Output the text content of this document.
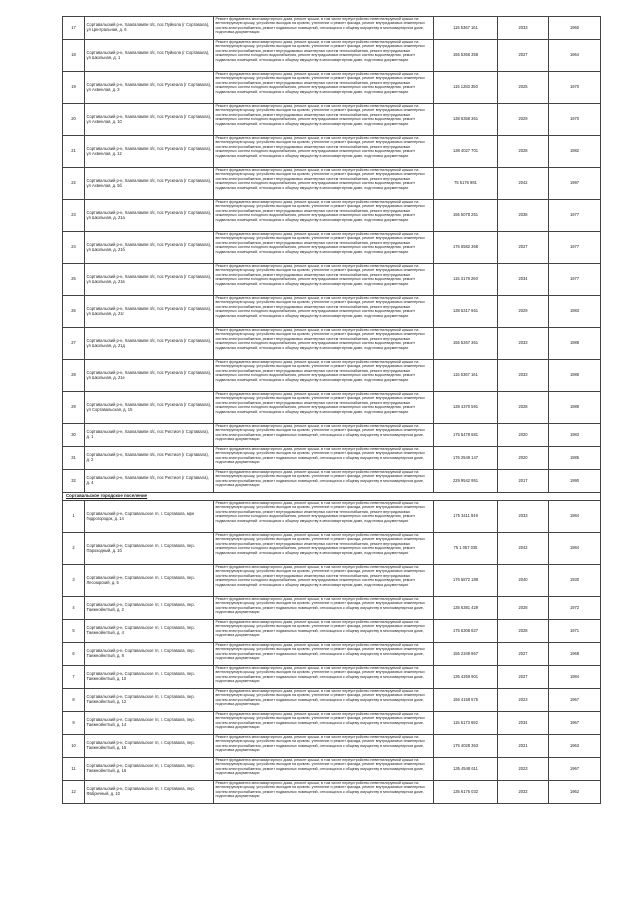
17	Сортавальский р-н, Хаапалампи п/с, пос Пуйкола (г Сортавала), ул Центральная, д. 6	Ремонт фундамента многоквартирного дома, ремонт крыши, в том числе переустройство невентилируемой крыши на вентилируемую крышу, устройство выходов на кровлю, утепление и ремонт фасада, ремонт внутридомовых инженерных систем электроснабжения, ремонт подвальных помещений, относящихся к общему имуществу в многоквартирном доме, подготовка документации	115 5367 161	2033	1960
18	Сортавальский р-н, Хаапалампи п/с, пос Пуйкола (г Сортавала), ул Школьная, д. 1	Ремонт фундамента многоквартирного дома, ремонт крыши, в том числе переустройство невентилируемой крыши на вентилируемую крышу, устройство выходов на кровлю, утепление и ремонт фасада, ремонт внутридомовых инженерных систем электроснабжения, ремонт внутридомовых инженерных систем теплоснабжения, ремонт внутридомовых инженерных систем холодного водоснабжения, ремонт внутридомовых инженерных систем водоотведения, ремонт подвальных помещений, относящихся к общему имуществу в многоквартирном доме, подготовка документации	155 5366 358	2027	1964
19	Сортавальский р-н, Хаапалампи п/с, пос Рускеала (г Сортавала), ул Ахвенлая, д. 3	Ремонт фундамента многоквартирного дома, ремонт крыши, в том числе переустройство невентилируемой крыши на вентилируемую крышу, устройство выходов на кровлю, утепление и ремонт фасада, ремонт внутридомовых инженерных систем электроснабжения, ремонт внутридомовых инженерных систем теплоснабжения, ремонт внутридомовых инженерных систем холодного водоснабжения, ремонт внутридомовых инженерных систем водоотведения, ремонт подвальных помещений, относящихся к общему имуществу в многоквартирном доме, подготовка документации	115 1283 350	2025	1970
20	Сортавальский р-н, Хаапалампи п/с, пос Рускеала (г Сортавала), ул Ахвенлая, д. 10	Ремонт фундамента многоквартирного дома, ремонт крыши, в том числе переустройство невентилируемой крыши на вентилируемую крышу, устройство выходов на кровлю, утепление и ремонт фасада, ремонт внутридомовых инженерных систем электроснабжения, ремонт внутридомовых инженерных систем теплоснабжения, ремонт внутридомовых инженерных систем холодного водоснабжения, ремонт внутридомовых инженерных систем водоотведения, ремонт подвальных помещений, относящихся к общему имуществу в многоквартирном доме, подготовка документации	138 6358 361	2029	1970
21	Сортавальский р-н, Хаапалампи п/с, пос Рускеала (г Сортавала), ул Ахвенлая, д. 12	Ремонт фундамента многоквартирного дома, ремонт крыши, в том числе переустройство невентилируемой крыши на вентилируемую крышу, устройство выходов на кровлю, утепление и ремонт фасада, ремонт внутридомовых инженерных систем электроснабжения, ремонт внутридомовых инженерных систем теплоснабжения, ремонт внутридомовых инженерных систем холодного водоснабжения, ремонт внутридомовых инженерных систем водоотведения, ремонт подвальных помещений, относящихся к общему имуществу в многоквартирном доме, подготовка документации	138 4027 701	2028	1982
22	Сортавальский р-н, Хаапалампи п/с, пос Рускеала (г Сортавала), ул Ахвенлая, д. 5б	Ремонт фундамента многоквартирного дома, ремонт крыши, в том числе переустройство невентилируемой крыши на вентилируемую крышу, устройство выходов на кровлю, утепление и ремонт фасада, ремонт внутридомовых инженерных систем электроснабжения, ремонт внутридомовых инженерных систем теплоснабжения, ремонт внутридомовых инженерных систем холодного водоснабжения, ремонт внутридомовых инженерных систем водоотведения, ремонт подвальных помещений, относящихся к общему имуществу в многоквартирном доме, подготовка документации	75 5176 981	2042	1997
23	Сортавальский р-н, Хаапалампи п/с, пос Рускеала (г Сортавала), ул Школьная, д. 21а	Ремонт фундамента многоквартирного дома, ремонт крыши, в том числе переустройство невентилируемой крыши на вентилируемую крышу, устройство выходов на кровлю, утепление и ремонт фасада, ремонт внутридомовых инженерных систем электроснабжения, ремонт внутридомовых инженерных систем теплоснабжения, ремонт внутридомовых инженерных систем холодного водоснабжения, ремонт внутридомовых инженерных систем водоотведения, ремонт подвальных помещений, относящихся к общему имуществу в многоквартирном доме, подготовка документации	155 5078 251	2038	1977
24	Сортавальский р-н, Хаапалампи п/с, пос Рускеала (г Сортавала), ул Школьная, д. 21б	Ремонт фундамента многоквартирного дома, ремонт крыши, в том числе переустройство невентилируемой крыши на вентилируемую крышу, устройство выходов на кровлю, утепление и ремонт фасада, ремонт внутридомовых инженерных систем электроснабжения, ремонт внутридомовых инженерных систем теплоснабжения, ремонт внутридомовых инженерных систем холодного водоснабжения, ремонт внутридомовых инженерных систем водоотведения, ремонт подвальных помещений, относящихся к общему имуществу в многоквартирном доме, подготовка документации	176 6582 368	2027	1977
25	Сортавальский р-н, Хаапалампи п/с, пос Рускеала (г Сортавала), ул Школьная, д. 21в	Ремонт фундамента многоквартирного дома, ремонт крыши, в том числе переустройство невентилируемой крыши на вентилируемую крышу, устройство выходов на кровлю, утепление и ремонт фасада, ремонт внутридомовых инженерных систем электроснабжения, ремонт внутридомовых инженерных систем теплоснабжения, ремонт внутридомовых инженерных систем холодного водоснабжения, ремонт внутридомовых инженерных систем водоотведения, ремонт подвальных помещений, относящихся к общему имуществу в многоквартирном доме, подготовка документации	115 3178 260	2034	1977
26	Сортавальский р-н, Хаапалампи п/с, пос Рускеала (г Сортавала), ул Школьная, д. 21г	Ремонт фундамента многоквартирного дома, ремонт крыши, в том числе переустройство невентилируемой крыши на вентилируемую крышу, устройство выходов на кровлю, утепление и ремонт фасада, ремонт внутридомовых инженерных систем электроснабжения, ремонт внутридомовых инженерных систем теплоснабжения, ремонт внутридомовых инженерных систем холодного водоснабжения, ремонт внутридомовых инженерных систем водоотведения, ремонт подвальных помещений, относящихся к общему имуществу в многоквартирном доме, подготовка документации	138 5317 661	2029	1983
27	Сортавальский р-н, Хаапалампи п/с, пос Рускеала (г Сортавала), ул Школьная, д. 21д	Ремонт фундамента многоквартирного дома, ремонт крыши, в том числе переустройство невентилируемой крыши на вентилируемую крышу, устройство выходов на кровлю, утепление и ремонт фасада, ремонт внутридомовых инженерных систем электроснабжения, ремонт внутридомовых инженерных систем теплоснабжения, ремонт внутридомовых инженерных систем холодного водоснабжения, ремонт внутридомовых инженерных систем водоотведения, ремонт подвальных помещений, относящихся к общему имуществу в многоквартирном доме, подготовка документации	155 5267 361	2033	1988
28	Сортавальский р-н, Хаапалампи п/с, пос Рускеала (г Сортавала), ул Школьная, д. 21е	Ремонт фундамента многоквартирного дома, ремонт крыши, в том числе переустройство невентилируемой крыши на вентилируемую крышу, устройство выходов на кровлю, утепление и ремонт фасада, ремонт внутридомовых инженерных систем электроснабжения, ремонт внутридомовых инженерных систем теплоснабжения, ремонт внутридомовых инженерных систем холодного водоснабжения, ремонт внутридомовых инженерных систем водоотведения, ремонт подвальных помещений, относящихся к общему имуществу в многоквартирном доме, подготовка документации	115 5367 161	2033	1986
29	Сортавальский р-н, Хаапалампи п/с, пос Рускеала (г Сортавала), ул Сортавальская, д. 15	Ремонт фундамента многоквартирного дома, ремонт крыши, в том числе переустройство невентилируемой крыши на вентилируемую крышу, устройство выходов на кровлю, утепление и ремонт фасада, ремонт внутридомовых инженерных систем электроснабжения, ремонт внутридомовых инженерных систем теплоснабжения, ремонт внутридомовых инженерных систем холодного водоснабжения, ремонт внутридомовых инженерных систем водоотведения, ремонт подвальных помещений, относящихся к общему имуществу в многоквартирном доме, подготовка документации	138 4370 591	2028	1989
30	Сортавальский р-н, Хаапалампи п/с, пос Ристиоя (г Сортавала), д. 1	Ремонт фундамента многоквартирного дома, ремонт крыши, в том числе переустройство невентилируемой крыши на вентилируемую крышу, устройство выходов на кровлю, утепление и ремонт фасада, ремонт внутридомовых инженерных систем электроснабжения, ремонт подвальных помещений, относящихся к общему имуществу в многоквартирном доме, подготовка документации	175 5478 681	2020	1983
31	Сортавальский р-н, Хаапалампи п/с, пос Ристиоя (г Сортавала), д. 2	Ремонт фундамента многоквартирного дома, ремонт крыши, в том числе переустройство невентилируемой крыши на вентилируемую крышу, устройство выходов на кровлю, утепление и ремонт фасада, ремонт внутридомовых инженерных систем электроснабжения, ремонт подвальных помещений, относящихся к общему имуществу в многоквартирном доме, подготовка документации	176 2549 147	2020	1985
32	Сортавальский р-н, Хаапалампи п/с, пос Ристиоя (г Сортавала), д. 4	Ремонт фундамента многоквартирного дома, ремонт крыши, в том числе переустройство невентилируемой крыши на вентилируемую крышу, устройство выходов на кровлю, утепление и ремонт фасада, ремонт внутридомовых инженерных систем электроснабжения, ремонт подвальных помещений, относящихся к общему имуществу в многоквартирном доме, подготовка документации	229 9542 951	2017	1990
Сортавальское городское поселение					
1	Сортавальский р-н, Сортавальское гп, г. Сортавала, мрн Гидрогородок, д. 14	Ремонт фундамента многоквартирного дома, ремонт крыши, в том числе переустройство невентилируемой крыши на вентилируемую крышу, устройство выходов на кровлю, утепление и ремонт фасада, ремонт внутридомовых инженерных систем электроснабжения, ремонт внутридомовых инженерных систем теплоснабжения, ремонт внутридомовых инженерных систем холодного водоснабжения, ремонт внутридомовых инженерных систем водоотведения, ремонт подвальных помещений, относящихся к общему имуществу в многоквартирном доме, подготовка документации	175 3411 849	2033	1984
2	Сортавальский р-н, Сортавальское гп, г. Сортавала, пер. Пароходный, д. 1б	Ремонт фундамента многоквартирного дома, ремонт крыши, в том числе переустройство невентилируемой крыши на вентилируемую крышу, устройство выходов на кровлю, утепление и ремонт фасада, ремонт внутридомовых инженерных систем электроснабжения, ремонт внутридомовых инженерных систем теплоснабжения, ремонт внутридомовых инженерных систем холодного водоснабжения, ремонт внутридомовых инженерных систем водоотведения, ремонт подвальных помещений, относящихся к общему имуществу в многоквартирном доме, подготовка документации	75 1 057 035	2042	1984
3	Сортавальский р-н, Сортавальское гп, г. Сортавала, пер. Лесоюрский, д. 5	Ремонт фундамента многоквартирного дома, ремонт крыши, в том числе переустройство невентилируемой крыши на вентилируемую крышу, устройство выходов на кровлю, утепление и ремонт фасада, ремонт внутридомовых инженерных систем электроснабжения, ремонт внутридомовых инженерных систем теплоснабжения, ремонт внутридомовых инженерных систем холодного водоснабжения, ремонт внутридомовых инженерных систем водоотведения, ремонт подвальных помещений, относящихся к общему имуществу в многоквартирном доме, подготовка документации	176 5872 188	2040	1930
4	Сортавальский р-н, Сортавальское гп, г. Сортавала, пер. Таежнойнлтый, д. 2	Ремонт фундамента многоквартирного дома, ремонт крыши, в том числе переустройство невентилируемой крыши на вентилируемую крышу, устройство выходов на кровлю, утепление и ремонт фасада, ремонт внутридомовых инженерных систем электроснабжения, ремонт подвальных помещений, относящихся к общему имуществу в многоквартирном доме, подготовка документации	135 6381 429	2028	1972
5	Сортавальский р-н, Сортавальское гп, г. Сортавала, пер. Таежнойнлтый, д. 4	Ремонт фундамента многоквартирного дома, ремонт крыши, в том числе переустройство невентилируемой крыши на вентилируемую крышу, устройство выходов на кровлю, утепление и ремонт фасада, ремонт внутридомовых инженерных систем электроснабжения, ремонт подвальных помещений, относящихся к общему имуществу в многоквартирном доме, подготовка документации	175 6308 827	2028	1971
6	Сортавальский р-н, Сортавальское гп, г. Сортавала, пер. Таежнойнлтый, д. 8	Ремонт фундамента многоквартирного дома, ремонт крыши, в том числе переустройство невентилируемой крыши на вентилируемую крышу, устройство выходов на кровлю, утепление и ремонт фасада, ремонт внутридомовых инженерных систем электроснабжения, ремонт подвальных помещений, относящихся к общему имуществу в многоквартирном доме, подготовка документации	155 2349 867	2027	1968
7	Сортавальский р-н, Сортавальское гп, г. Сортавала, пер. Таежнойнлтый, д. 10	Ремонт фундамента многоквартирного дома, ремонт крыши, в том числе переустройство невентилируемой крыши на вентилируемую крышу, устройство выходов на кровлю, утепление и ремонт фасада, ремонт внутридомовых инженерных систем электроснабжения, ремонт подвальных помещений, относящихся к общему имуществу в многоквартирном доме, подготовка документации	135 4269 901	2027	1984
8	Сортавальский р-н, Сортавальское гп, г. Сортавала, пер. Таежнойнлтый, д. 12	Ремонт фундамента многоквартирного дома, ремонт крыши, в том числе переустройство невентилируемой крыши на вентилируемую крышу, устройство выходов на кровлю, утепление и ремонт фасада, ремонт внутридомовых инженерных систем электроснабжения, ремонт подвальных помещений, относящихся к общему имуществу в многоквартирном доме, подготовка документации	155 4158 675	2023	1967
9	Сортавальский р-н, Сортавальское гп, г. Сортавала, пер. Таежнойнлтый, д. 14	Ремонт фундамента многоквартирного дома, ремонт крыши, в том числе переустройство невентилируемой крыши на вентилируемую крышу, устройство выходов на кровлю, утепление и ремонт фасада, ремонт внутридомовых инженерных систем электроснабжения, ремонт подвальных помещений, относящихся к общему имуществу в многоквартирном доме, подготовка документации	115 6173 692	2034	1967
10	Сортавальский р-н, Сортавальское гп, г. Сортавала, пер. Таежнойнлтый, д. 15	Ремонт фундамента многоквартирного дома, ремонт крыши, в том числе переустройство невентилируемой крыши на вентилируемую крышу, устройство выходов на кровлю, утепление и ремонт фасада, ремонт внутридомовых инженерных систем электроснабжения, ремонт подвальных помещений, относящихся к общему имуществу в многоквартирном доме, подготовка документации	175 4028 363	2021	1963
11	Сортавальский р-н, Сортавальское гп, г. Сортавала, пер. Таежнойнлтый, д. 16	Ремонт фундамента многоквартирного дома, ремонт крыши, в том числе переустройство невентилируемой крыши на вентилируемую крышу, устройство выходов на кровлю, утепление и ремонт фасада, ремонт внутридомовых инженерных систем электроснабжения, ремонт подвальных помещений, относящихся к общему имуществу в многоквартирном доме, подготовка документации	135 4548 611	2023	1967
12	Сортавальский р-н, Сортавальское гп, г. Сортавала, пер. Фабричный, д. 10	Ремонт фундамента многоквартирного дома, ремонт крыши, в том числе переустройство невентилируемой крыши на вентилируемую крышу, устройство выходов на кровлю, утепление и ремонт фасада, ремонт внутридомовых инженерных систем электроснабжения, ремонт подвальных помещений, относящихся к общему имуществу в многоквартирном доме, подготовка документации	135 6176 032	2032	1962
